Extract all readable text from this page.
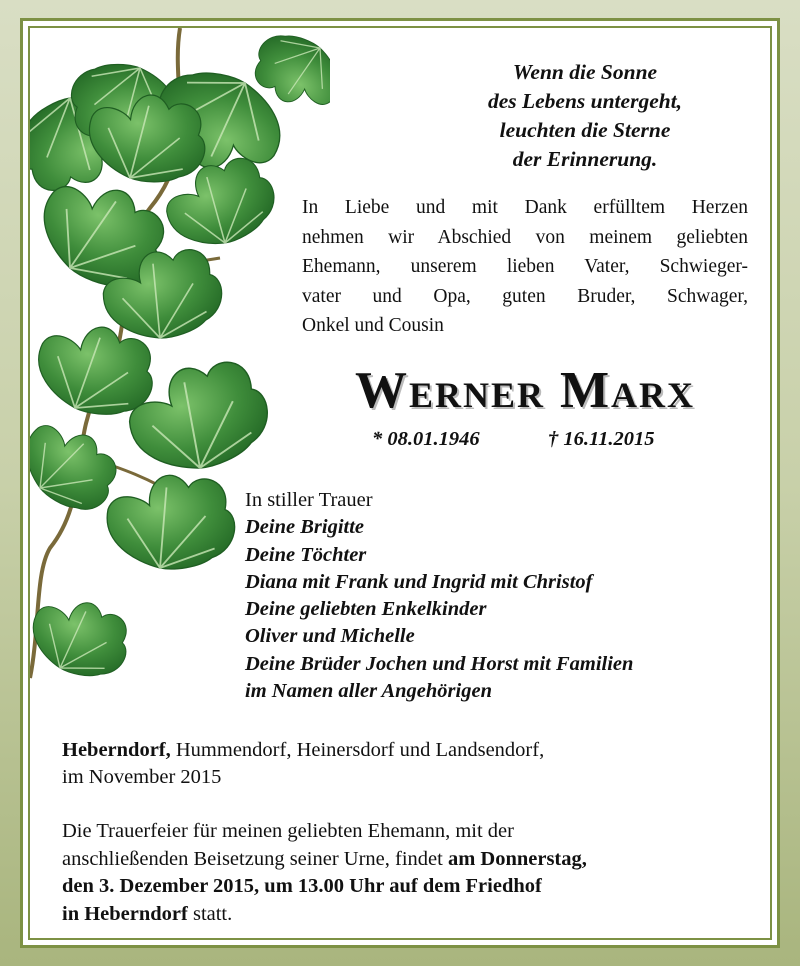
Wenn die Sonne
des Lebens untergeht,
leuchten die Sterne
der Erinnerung.
In Liebe und mit Dank erfülltem Herzen
nehmen wir Abschied von meinem geliebten
Ehemann, unserem lieben Vater, Schwieger-
vater und Opa, guten Bruder, Schwager,
Onkel und Cousin
Werner Marx
* 08.01.1946	† 16.11.2015
In stiller Trauer
Deine Brigitte
Deine Töchter
Diana mit Frank und Ingrid mit Christof
Deine geliebten Enkelkinder
Oliver und Michelle
Deine Brüder Jochen und Horst mit Familien
im Namen aller Angehörigen
Heberndorf, Hummendorf, Heinersdorf und Landsendorf,
im November 2015
Die Trauerfeier für meinen geliebten Ehemann, mit der
anschließenden Beisetzung seiner Urne, findet am Donnerstag,
den 3. Dezember 2015, um 13.00 Uhr auf dem Friedhof
in Heberndorf statt.
